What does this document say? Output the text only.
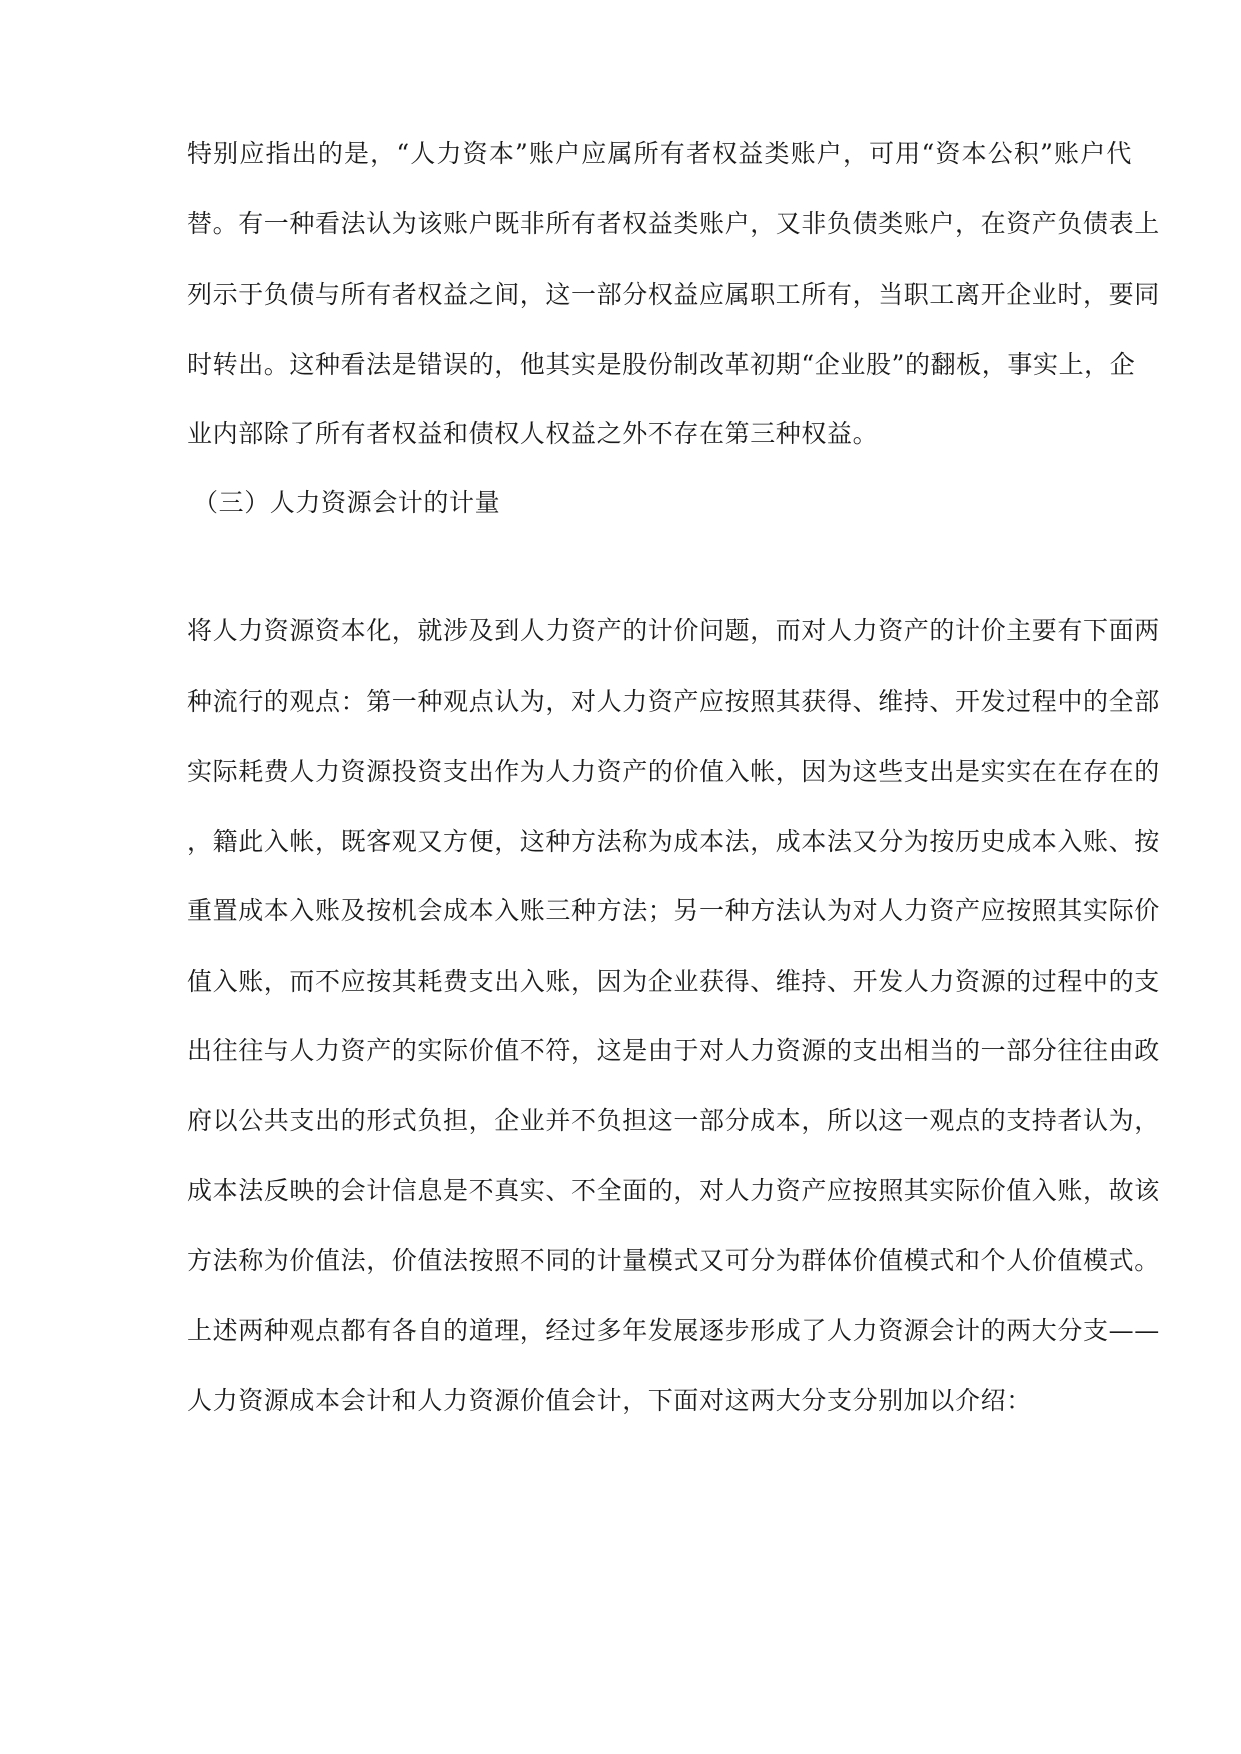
特别应指出的是，“人力资本”账户应属所有者权益类账户，可用“资本公积”账户代
替。有一种看法认为该账户既非所有者权益类账户，又非负债类账户，在资产负债表上
列示于负债与所有者权益之间，这一部分权益应属职工所有，当职工离开企业时，要同
时转出。这种看法是错误的，他其实是股份制改革初期“企业股”的翻板，事实上，企
业内部除了所有者权益和债权人权益之外不存在第三种权益。
（三）人力资源会计的计量
将人力资源资本化，就涉及到人力资产的计价问题，而对人力资产的计价主要有下面两
种流行的观点：第一种观点认为，对人力资产应按照其获得、维持、开发过程中的全部
实际耗费人力资源投资支出作为人力资产的价值入帐，因为这些支出是实实在在存在的
，籍此入帐，既客观又方便，这种方法称为成本法，成本法又分为按历史成本入账、按
重置成本入账及按机会成本入账三种方法；另一种方法认为对人力资产应按照其实际价
值入账，而不应按其耗费支出入账，因为企业获得、维持、开发人力资源的过程中的支
出往往与人力资产的实际价值不符，这是由于对人力资源的支出相当的一部分往往由政
府以公共支出的形式负担，企业并不负担这一部分成本，所以这一观点的支持者认为，
成本法反映的会计信息是不真实、不全面的，对人力资产应按照其实际价值入账，故该
方法称为价值法，价值法按照不同的计量模式又可分为群体价值模式和个人价值模式。
上述两种观点都有各自的道理，经过多年发展逐步形成了人力资源会计的两大分支——
人力资源成本会计和人力资源价值会计，下面对这两大分支分别加以介绍：
